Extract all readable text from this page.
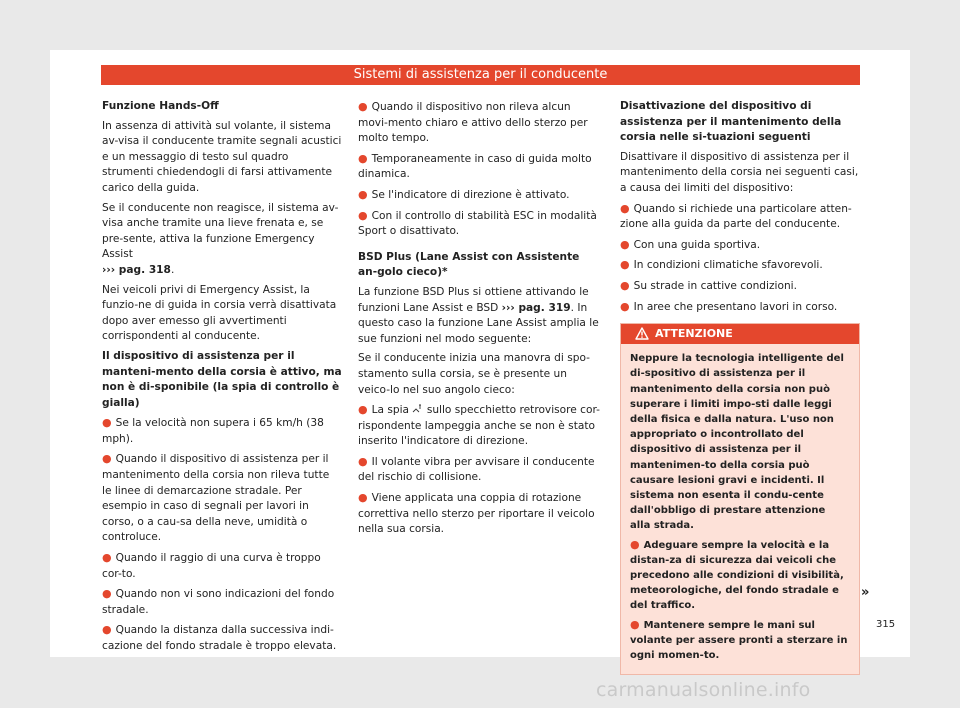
Sistemi di assistenza per il conducente
Funzione Hands-Off

In assenza di attività sul volante, il sistema av-visa il conducente tramite segnali acustici e un messaggio di testo sul quadro strumenti chiedendogli di farsi attivamente carico della guida.

Se il conducente non reagisce, il sistema av-visa anche tramite una lieve frenata e, se pre-sente, attiva la funzione Emergency Assist
››› pag. 318.

Nei veicoli privi di Emergency Assist, la funzio-ne di guida in corsia verrà disattivata dopo aver emesso gli avvertimenti corrispondenti al conducente.

Il dispositivo di assistenza per il manteni-mento della corsia è attivo, ma non è di-sponibile (la spia di controllo è gialla)

● Se la velocità non supera i 65 km/h (38 mph).

● Quando il dispositivo di assistenza per il mantenimento della corsia non rileva tutte le linee di demarcazione stradale. Per esempio in caso di segnali per lavori in corso, o a cau-sa della neve, umidità o controluce.

● Quando il raggio di una curva è troppo cor-to.

● Quando non vi sono indicazioni del fondo stradale.

● Quando la distanza dalla successiva indi-cazione del fondo stradale è troppo elevata.

● Quando il dispositivo non rileva alcun movi-mento chiaro e attivo dello sterzo per molto tempo.

● Temporaneamente in caso di guida molto dinamica.

● Se l'indicatore di direzione è attivato.

● Con il controllo di stabilità ESC in modalità Sport o disattivato.

BSD Plus (Lane Assist con Assistente an-golo cieco)*

La funzione BSD Plus si ottiene attivando le funzioni Lane Assist e BSD ››› pag. 319. In questo caso la funzione Lane Assist amplia le sue funzioni nel modo seguente:

Se il conducente inizia una manovra di spo-stamento sulla corsia, se è presente un veico-lo nel suo angolo cieco:

● La spia sullo specchietto retrovisore cor-rispondente lampeggia anche se non è stato inserito l'indicatore di direzione.

● Il volante vibra per avvisare il conducente del rischio di collisione.

● Viene applicata una coppia di rotazione correttiva nello sterzo per riportare il veicolo nella sua corsia.

Disattivazione del dispositivo di assistenza per il mantenimento della corsia nelle si-tuazioni seguenti

Disattivare il dispositivo di assistenza per il mantenimento della corsia nei seguenti casi, a causa dei limiti del dispositivo:

● Quando si richiede una particolare atten-zione alla guida da parte del conducente.

● Con una guida sportiva.

● In condizioni climatiche sfavorevoli.

● Su strade in cattive condizioni.

● In aree che presentano lavori in corso.

ATTENZIONE

Neppure la tecnologia intelligente del di-spositivo di assistenza per il mantenimento della corsia non può superare i limiti impo-sti dalle leggi della fisica e dalla natura. L'uso non appropriato o incontrollato del dispositivo di assistenza per il mantenimen-to della corsia può causare lesioni gravi e incidenti. Il sistema non esenta il condu-cente dall'obbligo di prestare attenzione alla strada.

● Adeguare sempre la velocità e la distan-za di sicurezza dai veicoli che precedono alle condizioni di visibilità, meteorologiche, del fondo stradale e del traffico.

● Mantenere sempre le mani sul volante per assere pronti a sterzare in ogni momen-to.

»
315
carmanualsonline.info
